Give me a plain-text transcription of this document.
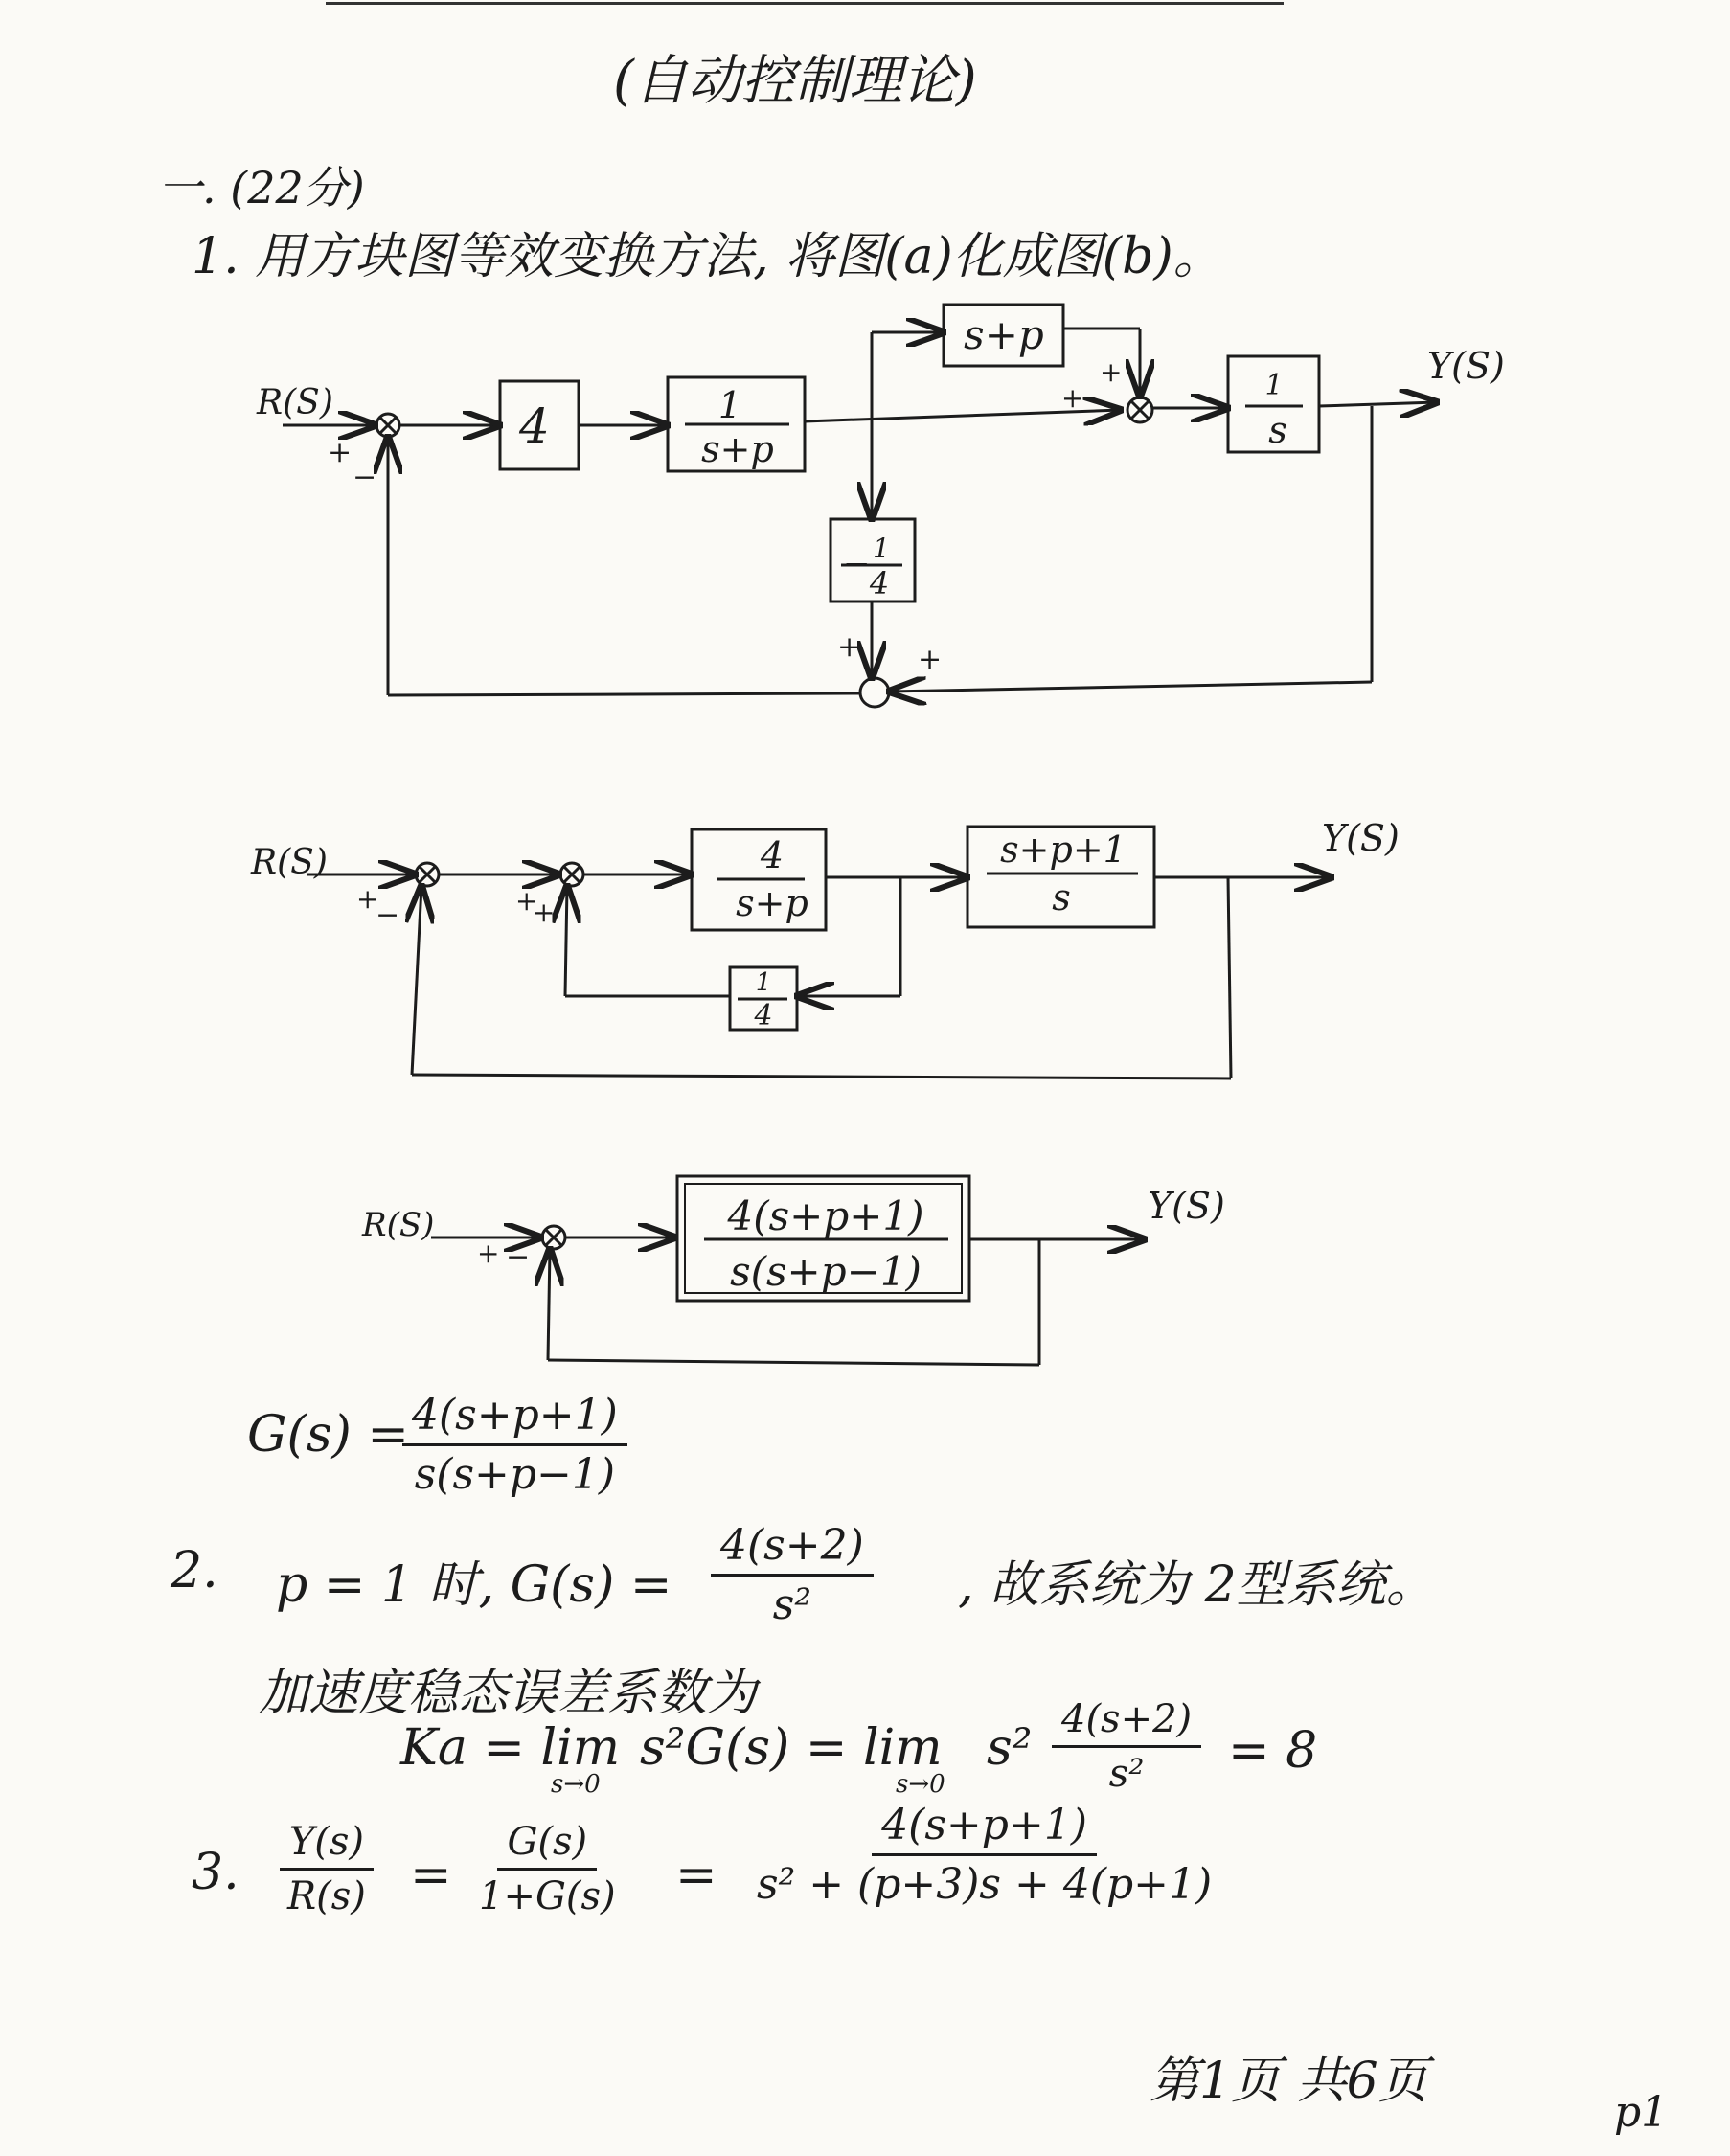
(自动控制理论)
一. (22分)
1. 用方块图等效变换方法, 将图(a)化成图(b)。
R(S)
Y(S)
+
−
4	1
s+p
s+p
1
s
− 1
4
+
+
+ +
R(S)
Y(S)
+
−	+
+
4
s+p
s+p+1
s
1
4
R(S)	Y(S)
+ −
4(s+p+1)
s(s+p−1)
G(s) =
$\frac{4(s+p+1)}{s(s+p-1)}$
2. p = 1 时, $G(s) = \frac{4(s+2)}{\text{s²}}$ , 故系统为 2型系统。
加速度稳态误差系数为
Ka = lim
s→0
s²G(s) = lim
s→0
$s^2 \frac{4(s+2)}{\text{s²}} = 8$
3. $\frac{Y(s)}{R(s)} = \frac{G(s)}{1+G(s)} = \frac{4(s+p+1)}{\text{s² + (p+3)s + 4(p+1)}}$
第1页 共6页
p1
